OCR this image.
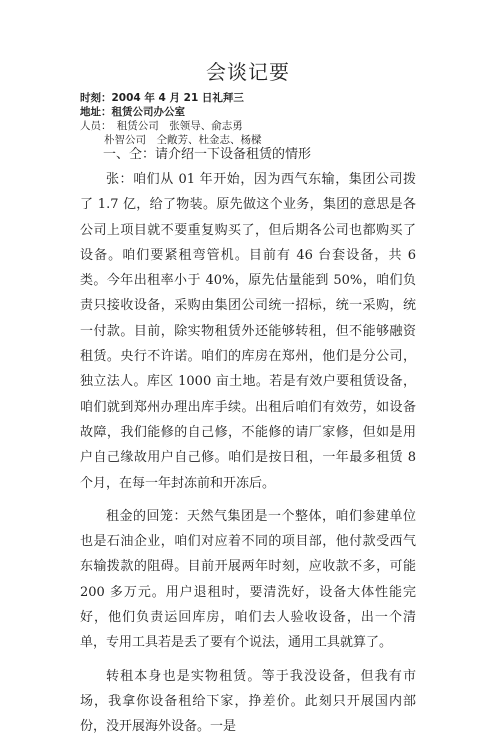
会谈记要
时刻：2004 年 4 月 21 日礼拜三
地址：租赁公司办公室
人员：　租赁公司　张领导、俞志勇
朴智公司　仝敞芳、杜金志、杨樑
一、仝：请介绍一下设备租赁的情形

张：咱们从 01 年开始，因为西气东输，集团公司拨了 1.7 亿，给了物装。原先做这个业务，集团的意思是各公司上项目就不要重复购买了，但后期各公司也都购买了设备。咱们要紧租弯管机。目前有 46 台套设备，共 6 类。今年出租率小于 40%，原先估量能到 50%，咱们负责只接收设备，采购由集团公司统一招标，统一采购，统一付款。目前，除实物租赁外还能够转租，但不能够融资租赁。央行不许诺。咱们的库房在郑州，他们是分公司，独立法人。库区 1000 亩土地。若是有效户要租赁设备，咱们就到郑州办理出库手续。出租后咱们有效劳，如设备故障，我们能修的自己修，不能修的请厂家修，但如是用户自己缘故用户自己修。咱们是按日租，一年最多租赁 8 个月，在每一年封冻前和开冻后。

租金的回笼：天然气集团是一个整体，咱们参建单位也是石油企业，咱们对应着不同的项目部，他付款受西气东输拨款的阻碍。目前开展两年时刻，应收款不多，可能 200 多万元。用户退租时，要清洗好，设备大体性能完好，他们负责运回库房，咱们去人验收设备，出一个清单，专用工具若是丢了要有个说法，通用工具就算了。

转租本身也是实物租赁。等于我没设备，但我有市场，我拿你设备租给下家，挣差价。此刻只开展国内部份，没开展海外设备。一是
